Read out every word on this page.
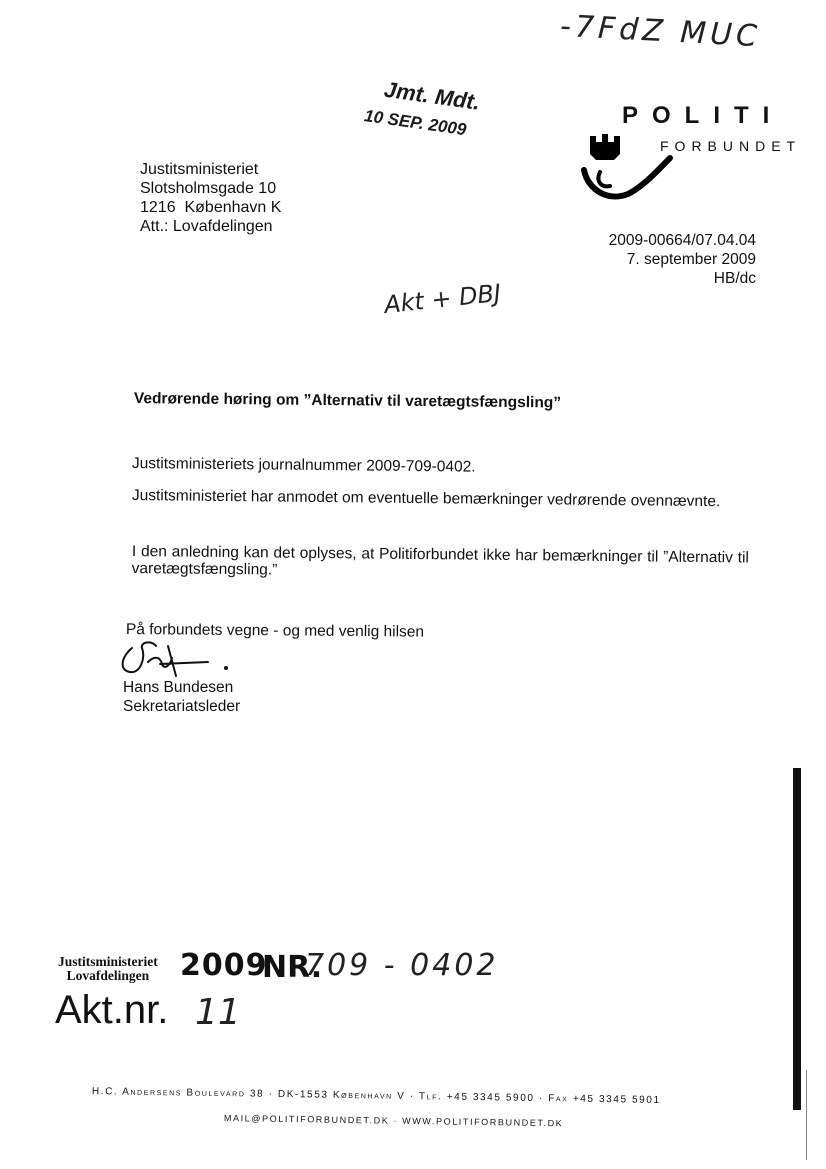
-7FdZ MUC
Jmt. Mdt.
10 SEP. 2009	POLITI
FORBUNDET
Justitsministeriet
Slotsholmsgade 10
1216  København K
Att.: Lovafdelingen
2009-00664/07.04.04
7. september 2009
HB/dc
Akt + DBJ
Vedrørende høring om ”Alternativ til varetægtsfængsling”
Justitsministeriets journalnummer 2009-709-0402.
Justitsministeriet har anmodet om eventuelle bemærkninger vedrørende ovennævnte.
I den anledning kan det oplyses, at Politiforbundet ikke har bemærkninger til ”Alternativ til varetægtsfængsling.”
På forbundets vegne - og med venlig hilsen
Hans Bundesen
Sekretariatsleder
Justitsministeriet
Lovafdelingen 2009
NR.
709 - 0402
Akt.nr. 11
H.C. Andersens Boulevard 38 · DK-1553 København V · Tlf. +45 3345 5900 · Fax +45 3345 5901
MAIL@POLITIFORBUNDET.DK · WWW.POLITIFORBUNDET.DK
